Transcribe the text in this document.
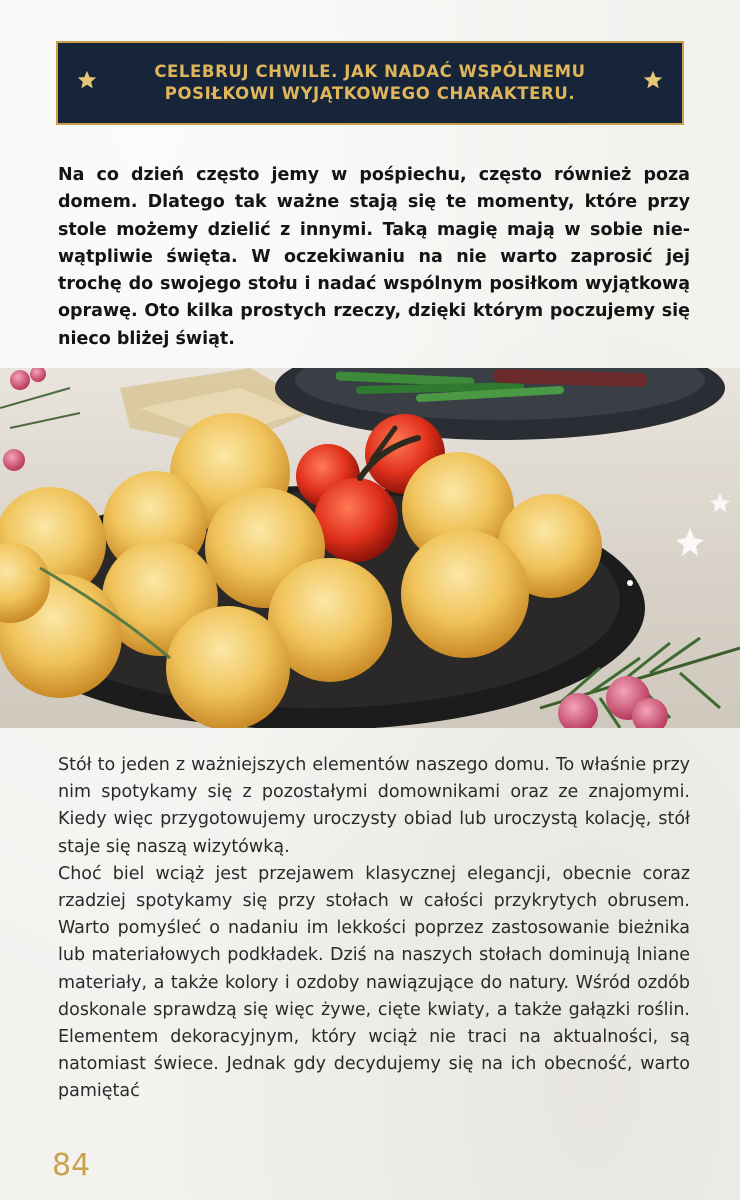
CELEBRUJ CHWILE. JAK NADAĆ WSPÓLNEMU
POSIŁKOWI WYJĄTKOWEGO CHARAKTERU.

Na co dzień często jemy w pośpiechu, często również poza domem. Dlatego tak ważne stają się te momenty, które przy stole możemy dzielić z innymi. Taką magię mają w sobie niewątpliwie święta. W oczekiwaniu na nie warto zaprosić jej trochę do swojego stołu i nadać wspólnym posiłkom wyjątkową oprawę. Oto kilka prostych rzeczy, dzięki którym poczujemy się nieco bliżej świąt.

Stół to jeden z ważniejszych elementów naszego domu. To właśnie przy nim spotykamy się z pozostałymi domownikami oraz ze znajomymi. Kiedy więc przygotowujemy uroczysty obiad lub uroczystą kolację, stół staje się naszą wizytówką.
Choć biel wciąż jest przejawem klasycznej elegancji, obecnie coraz rzadziej spotykamy się przy stołach w całości przykrytych obrusem. Warto pomyśleć o nadaniu im lekkości poprzez zastosowanie bieżnika lub materiałowych podkładek. Dziś na naszych stołach dominują lniane materiały, a także kolory i ozdoby nawiązujące do natury. Wśród ozdób doskonale sprawdzą się więc żywe, cięte kwiaty, a także gałązki roślin. Elementem dekoracyjnym, który wciąż nie traci na aktualności, są natomiast świece. Jednak gdy decydujemy się na ich obecność, warto pamiętać

84
